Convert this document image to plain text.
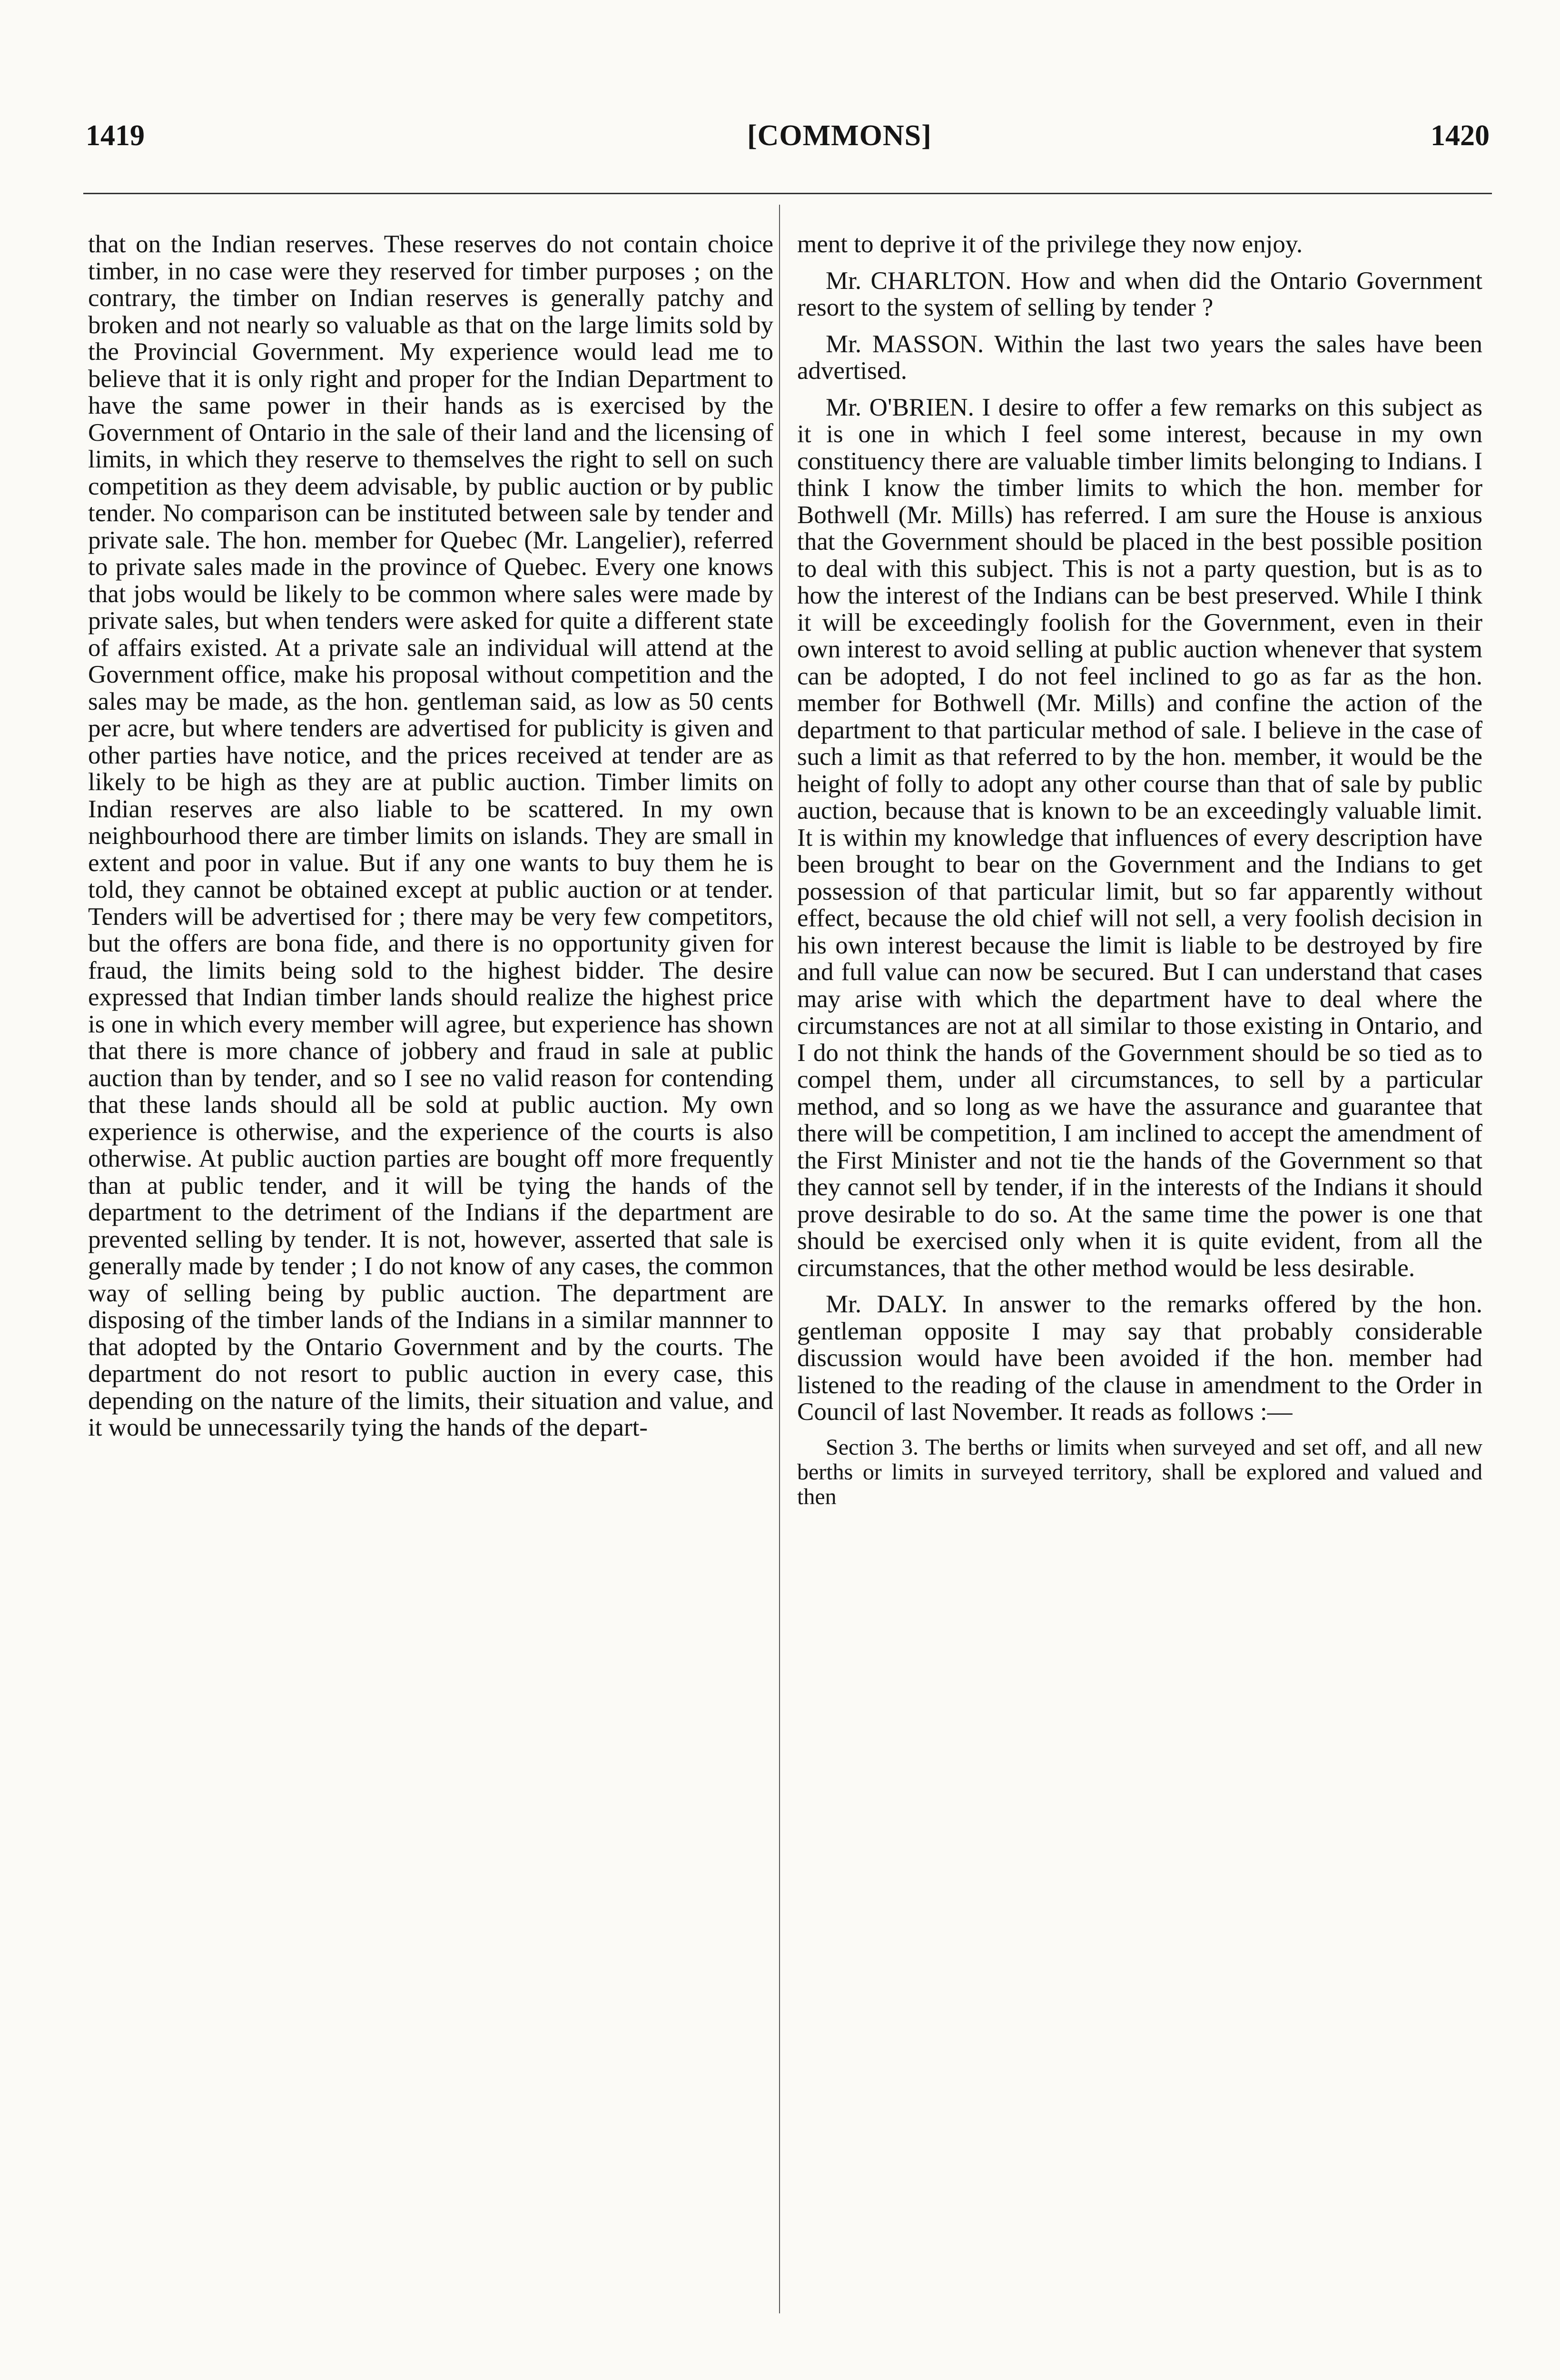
1419	[COMMONS]	1420

that on the Indian reserves. These reserves do not contain choice timber, in no case were they reserved for timber purposes ; on the contrary, the timber on Indian reserves is generally patchy and broken and not nearly so valuable as that on the large limits sold by the Provincial Government. My experience would lead me to believe that it is only right and proper for the Indian Department to have the same power in their hands as is exercised by the Government of Ontario in the sale of their land and the licensing of limits, in which they reserve to themselves the right to sell on such competition as they deem advisable, by public auction or by public tender. No comparison can be instituted between sale by tender and private sale. The hon. member for Quebec (Mr. Langelier), referred to private sales made in the province of Quebec. Every one knows that jobs would be likely to be common where sales were made by private sales, but when tenders were asked for quite a different state of affairs existed. At a private sale an individual will attend at the Government office, make his proposal without competition and the sales may be made, as the hon. gentleman said, as low as 50 cents per acre, but where tenders are advertised for publicity is given and other parties have notice, and the prices received at tender are as likely to be high as they are at public auction. Timber limits on Indian reserves are also liable to be scattered. In my own neighbourhood there are timber limits on islands. They are small in extent and poor in value. But if any one wants to buy them he is told, they cannot be obtained except at public auction or at tender. Tenders will be advertised for ; there may be very few competitors, but the offers are bona fide, and there is no opportunity given for fraud, the limits being sold to the highest bidder. The desire expressed that Indian timber lands should realize the highest price is one in which every member will agree, but experience has shown that there is more chance of jobbery and fraud in sale at public auction than by tender, and so I see no valid reason for contending that these lands should all be sold at public auction. My own experience is otherwise, and the experience of the courts is also otherwise. At public auction parties are bought off more frequently than at public tender, and it will be tying the hands of the department to the detriment of the Indians if the department are prevented selling by tender. It is not, however, asserted that sale is generally made by tender ; I do not know of any cases, the common way of selling being by public auction. The department are disposing of the timber lands of the Indians in a similar mannner to that adopted by the Ontario Government and by the courts. The department do not resort to public auction in every case, this depending on the nature of the limits, their situation and value, and it would be unnecessarily tying the hands of the depart-

ment to deprive it of the privilege they now enjoy.

Mr. CHARLTON. How and when did the Ontario Government resort to the system of selling by tender ?

Mr. MASSON. Within the last two years the sales have been advertised.

Mr. O'BRIEN. I desire to offer a few remarks on this subject as it is one in which I feel some interest, because in my own constituency there are valuable timber limits belonging to Indians. I think I know the timber limits to which the hon. member for Bothwell (Mr. Mills) has referred. I am sure the House is anxious that the Government should be placed in the best possible position to deal with this subject. This is not a party question, but is as to how the interest of the Indians can be best preserved. While I think it will be exceedingly foolish for the Government, even in their own interest to avoid selling at public auction whenever that system can be adopted, I do not feel inclined to go as far as the hon. member for Bothwell (Mr. Mills) and confine the action of the department to that particular method of sale. I believe in the case of such a limit as that referred to by the hon. member, it would be the height of folly to adopt any other course than that of sale by public auction, because that is known to be an exceedingly valuable limit. It is within my knowledge that influences of every description have been brought to bear on the Government and the Indians to get possession of that particular limit, but so far apparently without effect, because the old chief will not sell, a very foolish decision in his own interest because the limit is liable to be destroyed by fire and full value can now be secured. But I can understand that cases may arise with which the department have to deal where the circumstances are not at all similar to those existing in Ontario, and I do not think the hands of the Government should be so tied as to compel them, under all circumstances, to sell by a particular method, and so long as we have the assurance and guarantee that there will be competition, I am inclined to accept the amendment of the First Minister and not tie the hands of the Government so that they cannot sell by tender, if in the interests of the Indians it should prove desirable to do so. At the same time the power is one that should be exercised only when it is quite evident, from all the circumstances, that the other method would be less desirable.

Mr. DALY. In answer to the remarks offered by the hon. gentleman opposite I may say that probably considerable discussion would have been avoided if the hon. member had listened to the reading of the clause in amendment to the Order in Council of last November. It reads as follows :—

Section 3. The berths or limits when surveyed and set off, and all new berths or limits in surveyed territory, shall be explored and valued and then
